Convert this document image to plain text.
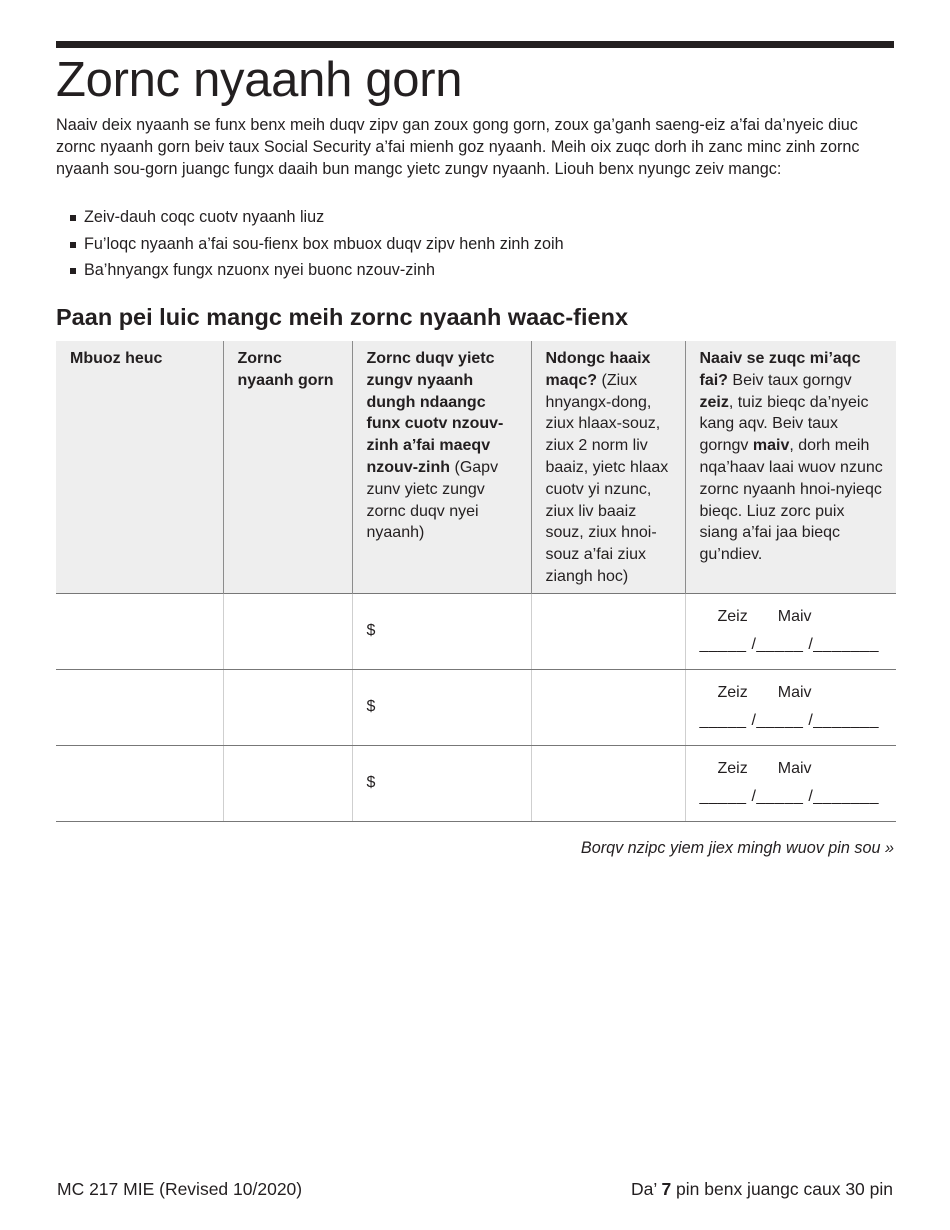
Zornc nyaanh gorn

Naaiv deix nyaanh se funx benx meih duqv zipv gan zoux gong gorn, zoux ga’ganh saeng-eiz a’fai da’nyeic diuc zornc nyaanh gorn beiv taux Social Security a’fai mienh goz nyaanh. Meih oix zuqc dorh ih zanc minc zinh zornc nyaanh sou-gorn juangc fungx daaih bun mangc yietc zungv nyaanh. Liouh benx nyungc zeiv mangc:

Zeiv-dauh coqc cuotv nyaanh liuz
Fu’loqc nyaanh a’fai sou-fienx box mbuox duqv zipv henh zinh zoih
Ba’hnyangx fungx nzuonx nyei buonc nzouv-zinh
Paan pei luic mangc meih zornc nyaanh waac-fienx
Mbuoz heuc	Zornc nyaanh gorn	Zornc duqv yietc zungv nyaanh dungh ndaangc funx cuotv nzouv-zinh a’fai maeqv nzouv-zinh (Gapv zunv yietc zungv zornc duqv nyei nyaanh)	Ndongc haaix maqc? (Ziux hnyangx-dong, ziux hlaax-souz, ziux 2 norm liv baaiz, yietc hlaax cuotv yi nzunc, ziux liv baaiz souz, ziux hnoi-souz a’fai ziux ziangh hoc)	Naaiv se zuqc mi’aqc fai? Beiv taux gorngv zeiz, tuiz bieqc da’nyeic kang aqv. Beiv taux gorngv maiv, dorh meih nqa’haav laai wuov nzunc zornc nyaanh hnoi-nyieqc bieqc. Liuz zorc puix siang a’fai jaa bieqc gu’ndiev.
		$		Zeiz Maiv
_____ /_____ /_______

		$		Zeiz Maiv
_____ /_____ /_______

		$		Zeiz Maiv
_____ /_____ /_______

Borqv nzipc yiem jiex mingh wuov pin sou »

MC 217 MIE (Revised 10/2020)	Da’ 7 pin benx juangc caux 30 pin
